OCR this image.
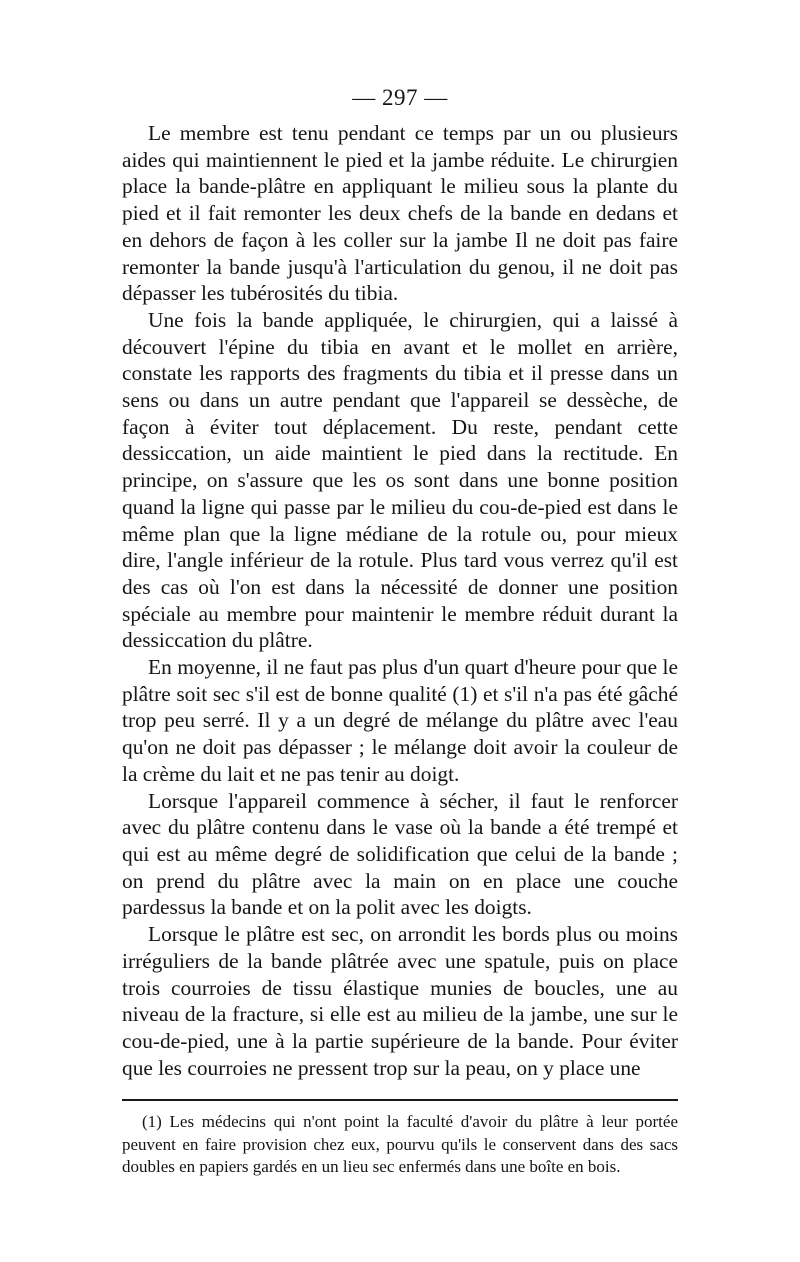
— 297 —

Le membre est tenu pendant ce temps par un ou plusieurs aides qui maintiennent le pied et la jambe réduite. Le chirurgien place la bande-plâtre en appliquant le milieu sous la plante du pied et il fait remonter les deux chefs de la bande en dedans et en dehors de façon à les coller sur la jambe Il ne doit pas faire remonter la bande jusqu'à l'articulation du genou, il ne doit pas dépasser les tubérosités du tibia.

Une fois la bande appliquée, le chirurgien, qui a laissé à découvert l'épine du tibia en avant et le mollet en arrière, constate les rapports des fragments du tibia et il presse dans un sens ou dans un autre pendant que l'appareil se dessèche, de façon à éviter tout déplacement. Du reste, pendant cette dessiccation, un aide maintient le pied dans la rectitude. En principe, on s'assure que les os sont dans une bonne position quand la ligne qui passe par le milieu du cou-de-pied est dans le même plan que la ligne médiane de la rotule ou, pour mieux dire, l'angle inférieur de la rotule. Plus tard vous verrez qu'il est des cas où l'on est dans la nécessité de donner une position spéciale au membre pour maintenir le membre réduit durant la dessiccation du plâtre.

En moyenne, il ne faut pas plus d'un quart d'heure pour que le plâtre soit sec s'il est de bonne qualité (1) et s'il n'a pas été gâché trop peu serré. Il y a un degré de mélange du plâtre avec l'eau qu'on ne doit pas dépasser ; le mélange doit avoir la couleur de la crème du lait et ne pas tenir au doigt.

Lorsque l'appareil commence à sécher, il faut le renforcer avec du plâtre contenu dans le vase où la bande a été trempé et qui est au même degré de solidification que celui de la bande ; on prend du plâtre avec la main on en place une couche pardessus la bande et on la polit avec les doigts.

Lorsque le plâtre est sec, on arrondit les bords plus ou moins irréguliers de la bande plâtrée avec une spatule, puis on place trois courroies de tissu élastique munies de boucles, une au niveau de la fracture, si elle est au milieu de la jambe, une sur le cou-de-pied, une à la partie supérieure de la bande. Pour éviter que les courroies ne pressent trop sur la peau, on y place une

(1) Les médecins qui n'ont point la faculté d'avoir du plâtre à leur portée peuvent en faire provision chez eux, pourvu qu'ils le conservent dans des sacs doubles en papiers gardés en un lieu sec enfermés dans une boîte en bois.
